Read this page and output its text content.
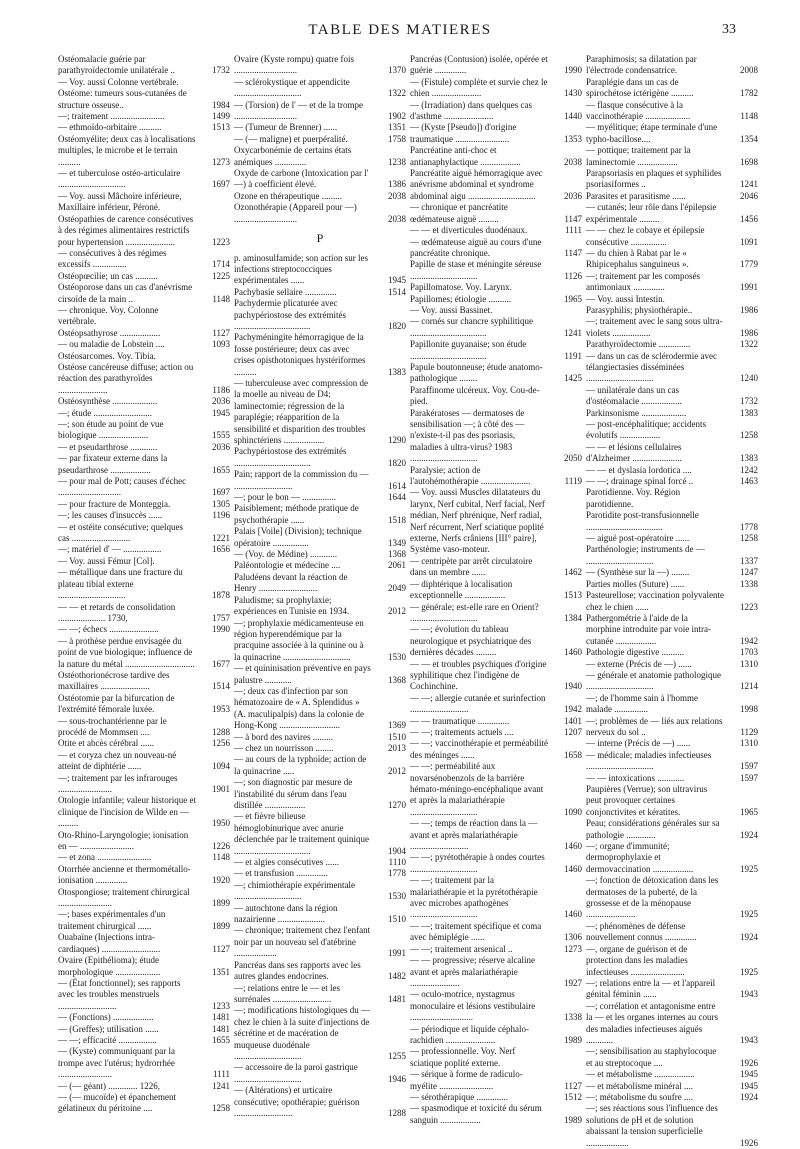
TABLE DES MATIERES	33
Ostéomalacie guérie par parathyroïdectomie unilatérale ..	1732
— Voy. aussi Colonne vertébrale.
Ostéome: tumeurs sous-cutanées de structure osseuse..	1984
—; traitement ........................	1499
— ethmoïdo-orbitaire ..........	1513
Ostéomyélite; deux cas à localisations multiples, le microbe et le terrain ..........	1273
— et tuberculose ostéo-articulaire ..............................	1697
— Voy. aussi Mâchoire inférieure, Maxillaire inférieur, Péroné.
Ostéopathies de carence consécutives à des régimes alimentaires restrictifs pour hypertension ......................	1223
— consécutives à des régimes excessifs ...............	1714
Ostéopœcilie; un cas ..........	1225
Ostéoporose dans un cas d'anévrisme cirsoïde de la main ..	1148
— chronique. Voy. Colonne vertébrale.
Ostéopsathyrose ..................	1127
— ou maladie de Lobstein ....	1093
Ostéosarcomes. Voy. Tibia.
Ostéose cancéreuse diffuse; action ou réaction des parathyroïdes ......................	1186
Ostéosynthèse ....................	2036
—; étude ..........................	1945
—; son étude au point de vue biologique ......................	1555
— et pseudarthrose ............	2036
— par fixateur externe dans la pseudarthrose ..................	1655
— pour mal de Pott; causes d'échec ............................	1697
— pour fracture de Monteggia.	1305
—; les causes d'insuccès ......	1196
— et ostéite consécutive; quelques cas ..........................	1221
—; matériel d' — .................	1656
— Voy. aussi Fémur [Col].
— métallique dans une fracture du plateau tibial externe ..............................	1878
— — et retards de consolidation ..................... 1730,	1757
— —; échecs ......................	1990
— à prothèse perdue envisagée du point de vue biologique; influence de la nature du métal ...............................	1677
Ostéothorionécrose tardive des maxillaires ......................	1514
Ostéotomie par la bifurcation de l'extrémité fémorale luxée.	1953
— sous-trochantérienne par le procédé de Mommsen ....	1288
Otite et abcès cérébral ......	1256
— et coryza chez un nouveau-né atteint de diphtérie ......	1094
—; traitement par les infrarouges ........................	1901
Otologie infantile; valeur historique et clinique de l'incision de Wilde en — .........	1950
Oto-Rhino-Laryngologie; ionisation en — ........................	1226
— et zona ........................	1148
Otorrhée ancienne et thermométallo-ionisation ..............	1920
Otospongiose; traitement chirurgical ........................	1899
—; bases expérimentales d'un traitement chirurgical ......	1899
Ouabaïne (Injections intra-cardiaques) ..........................	1127
Ovaire (Epithélioma); étude morphologique ....................	1351
— (État fonctionnel); ses rapports avec les troubles menstruels ..........................	1233
— (Fonctions) ..................	1481
— (Greffes); utilisation ......	1481
— —; efficacité .................	1655
— (Kyste) communiquant par la trompe avec l'utérus; hydrorrhée ........................	1111
— (— géant) ............. 1226,	1241
— (— mucoïde) et épanchement gélatineux du péritoine ....	1258
Ovaire (Kyste rompu) quatre fois ............................	1370
— sclérokystique et appendicite ..............................	1322
— (Torsion) de l' — et de la trompe ............................	1902
— (Tumeur de Brenner) ......	1351
— (— maligne) et puerpéralité.	1758
Oxycarbonémie de certains états anémiques ..............	1238
Oxyde de carbone (Intoxication par l' —) à coefficient élevé.	1386
Ozone en thérapeutique .........	2038
Ozonothérapie (Appareil pour —) ............................	2038
P
p. aminosulfamide; son action sur les infections streptococciques expérimentales ......	1945
Pachybasie sellaire ..............	1514
Pachydermie plicaturée avec pachypériostose des extrémités ..................................	1820
Pachyméningite hémorragique de la fosse postérieure; deux cas avec crises opisthotoniques hystériformes ..........	1383
— tuberculeuse avec compression de la moelle au niveau de D4: laminectomie; régression de la paraplégie; réapparition de la sensibilité et disparition des troubles sphinctériens ..................	1290
Pachypériostose des extrémités ..................................	1820
Pain; rapport de la commission du — ..........................	1614
—; pour le bon — ...............	1644
Paisiblement; méthode pratique de psychothérapie ......	1518
Palais [Voile] (Division); technique opératoire ................	1349
— (Voy. de Médine) ............	1368
Paléontologie et médecine ....	2061
Paludéens devant la réaction de Henry ..........................	2049
Paludisme; sa prophylaxie; expériences en Tunisie en 1934.	2012
—; prophylaxie médicamenteuse en région hyperendémique par la pracquine associée à la quinine ou à la quinacrine ..............................	1530
— et quininisation préventive en pays palustre ............	1368
—; deux cas d'infection par son hématozoaire de « A. Splendidus » (A. maculipalpis) dans la colonie de Hong-Kong ...........................	1369
— à bord des navires .........	1510
— chez un nourrisson ........	2013
— au cours de la typhoïde; action de la quinacrine .....	2012
—; son diagnostic par mesure de l'instabilité du sérum dans l'eau distillée ..................	1270
— et fièvre bilieuse hémoglobinurique avec anurie déclenchée par le traitement quinique ..................................	1904
— et algies consécutives ......	1110
— et transfusion ..............	1778
—; chimiothérapie expérimentale ..............................	1530
— autochtone dans la région nazairienne .....................	1510
— chronique; traitement chez l'enfant noir par un nouveau sel d'atébrine ...................	1991
Pancréas dans ses rapports avec les autres glandes endocrines.	1482
—; relations entre le — et les surrénales ..........................	1481
—; modifications histologiques du — chez le chien à la suite d'injections de sécrétine et de macération de muqueuse duodénale ..............................	1255
— accessoire de la paroi gastrique ..............................	1946
— (Altérations) et urticaire consécutive; opothérapie; guérison ..........................	1288
Pancréas (Contusion) isolée, opérée et guérie ..............	1990
— (Fistule) complète et survie chez le chien ......................	1430
— (Irradiation) dans quelques cas d'asthme ......................	1440
— (Kyste [Pseudo]) d'origine traumatique ........................	1353
Pancréatine anti-choc et antianaphylactique ..................	2038
Pancréatite aiguë hémorragique avec anévrisme abdominal et syndrome abdominal aigu ..............................	2036
— chronique et pancréatite œdémateuse aiguë .........	1147
— — et diverticules duodénaux.	1111
— œdémateuse aiguë au cours d'une pancréatite chronique.	1147
Papille de stase et méningite séreuse ..............................	1126
Papillomatose. Voy. Larynx.
Papillomes; étiologie ..........	1965
— Voy. aussi Bassinet.
— cornés sur chancre syphilitique ..................................	1241
Papillonite guyanaise; son étude ..................................	1191
Papule boutonneuse; étude anatomo-pathologique ........	1425
Paraffinome ulcéreux. Voy. Cou-de-pied.
Parakératoses — dermatoses de sensibilisation —; à côté des — n'existe-t-il pas des psoriasis, maladies à ultra-virus? 1983 ..............................	2050
Paralysie; action de l'autohémothérapie ......................	1119
— Voy. aussi Muscles dilatateurs du larynx, Nerf cubital, Nerf facial, Nerf médian, Nerf phrénique, Nerf radial, Nerf récurrent, Nerf sciatique poplité externe, Nerfs crâniens [III° paire], Système vaso-moteur.
— centripète par arrêt circulatoire dans un membre ......	1462
— diphtérique à localisation exceptionnelle ..................	1513
— générale; est-elle rare en Orient? ..............................	1384
— —; évolution du tableau neurologique et psychiatrique des dernières décades .........	1460
— — et troubles psychiques d'origine syphilitique chez l'indigène de Cochinchine.	1940
— —; allergie cutanée et surinfection ..........................	1942
— — traumatique ..............	1401
— —; traitements actuels ....	1207
— —; vaccinothérapie et perméabilité des méninges ......	1658
— —: perméabilité aux novarsénobenzols de la barrière hémato-méningo-encéphalique avant et après la malariathérapie ..............................	1090
— —; temps de réaction dans la — avant et après malariathérapie ..........................	1460
— —; pyrétothérapie à ondes courtes ..............................	1460
— —; traitement par la malariathérapie et la pyrétothérapie avec microbes apathogènes ..............................	1460
— —; traitement spécifique et coma avec hémiplégie ......	1306
— —; traitement arsenical ..	1273
— — progressive; réserve alcaline avant et après malariathérapie ......................	1927
— oculo-motrice, nystagmus monoculaire et lésions vestibulaire ............................	1338
— périodique et liquide céphalo-rachidien ......................	1989
— professionnelle. Voy. Nerf sciatique poplité externe.
— sérique à forme de radiculo-myélite ........................	1127
— sérothérapique ..............	1512
— spasmodique et toxicité du sérum sanguin ..................	1989
Paraphimosis; sa dilatation par l'électrode condensatrice.	2008
Paraplégie dans un cas de spirochétose ictérigène ..........	1782
— flasque consécutive à la vaccinothérapie ....................	1148
— myélitique; étape terminale d'une typho-bacillose....	1354
— pottique; traitement par la laminectomie ..................	1698
Parapsoriasis en plaques et syphilides psoriasiformes ..	1241
Parasites et parasitisme ......	2046
— cutanés; leur rôle dans l'épilepsie expérimentale .........	1456
— — chez le cobaye et épilepsie consécutive ................	1091
— du chien à Rabat par le « Rhipicephalus sanguineus ».	1779
—; traitement par les composés antimoniaux ..............	1991
— Voy. aussi Intestin.
Parasyphilis; physiothérapie..	1986
—; traitement avec le sang sous ultra-violets .................	1986
Parathyroïdectomie ..............	1322
— dans un cas de sclérodermie avec télangiectasies disséminées ..............................	1240
— unilatérale dans un cas d'ostéomalacie ..................	1732
Parkinsonisme ....................	1383
— post-encéphalitique; accidents évolutifs ..................	1258
— — et lésions cellulaires d'Alzheimer ......................	1383
— — et dyslasia lordotica ....	1242
— —; drainage spinal forcé ..	1463
Parotidienne. Voy. Région parotidienne.
Parotidite post-transfusionnelle ..................................	1778
— aiguë post-opératoire ......	1258
Parthénologie; instruments de — ..............................	1337
— (Synthèse sur la —) ........	1247
Parties molles (Suture) ......	1338
Pasteurellose; vaccination polyvalente chez le chien ......	1223
Pathergométrie à l'aide de la morphine introduite par voie intra-cutanée ..................	1942
Pathologie digestive ..........	1703
— externe (Précis de —) ......	1310
— générale et anatomie pathologique ..............................	1214
—; de l'homme sain à l'homme malade ...............	1998
—; problèmes de — liés aux relations nerveux du sol ..	1129
— interne (Précis de —) ......	1310
— médicale; maladies infectieuses ..............................	1597
— — intoxications ............	1597
Paupières (Verrue); son ultravirus peut provoquer certaines conjonctivites et kératites.	1965
Peau; considérations générales sur sa pathologie .............	1924
—; organe d'immunité; dermoprophylaxie et dermovaccination ..................	1925
—; fonction de détoxication dans les dermatoses de la puberté, de la grossesse et de la ménopause ......................	1925
—; phénomènes de défense nouvellement connus ..............	1924
—, organe de guérison et de protection dans les maladies infectieuses ........................	1925
—; relations entre la — et l'appareil génital féminin ......	1943
—; corrélation et antagonisme entre la — et les organes internes au cours des maladies infectieuses aiguës ............	1943
—; sensibilisation au staphylocoque et au streptocoque ....	1926
— et métabolisme ..................	1945
— et métabolisme minéral ....	1945
—; métabolisme du soufre ....	1924
—; ses réactions sous l'influence des solutions de pH et de solution abaissant la tension superficielle ...................	1926
